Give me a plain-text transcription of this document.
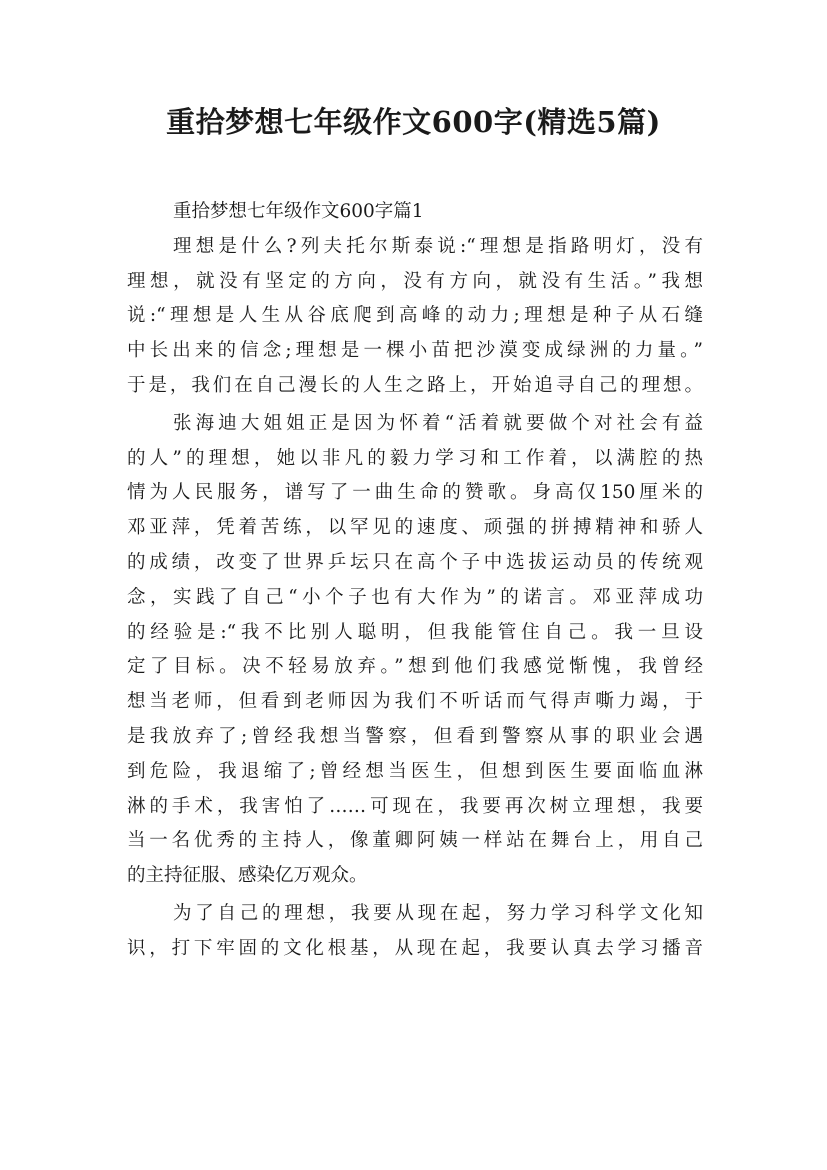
重拾梦想七年级作文600字(精选5篇)
重拾梦想七年级作文600字篇1
理想是什么?列夫托尔斯泰说:“理想是指路明灯，没有
理想，就没有坚定的方向，没有方向，就没有生活。”我想
说:“理想是人生从谷底爬到高峰的动力;理想是种子从石缝
中长出来的信念;理想是一棵小苗把沙漠变成绿洲的力量。”
于是，我们在自己漫长的人生之路上，开始追寻自己的理想。
张海迪大姐姐正是因为怀着“活着就要做个对社会有益
的人”的理想，她以非凡的毅力学习和工作着，以满腔的热
情为人民服务，谱写了一曲生命的赞歌。身高仅150厘米的
邓亚萍，凭着苦练，以罕见的速度、顽强的拼搏精神和骄人
的成绩，改变了世界乒坛只在高个子中选拔运动员的传统观
念，实践了自己“小个子也有大作为”的诺言。邓亚萍成功
的经验是:“我不比别人聪明，但我能管住自己。我一旦设
定了目标。决不轻易放弃。”想到他们我感觉惭愧，我曾经
想当老师，但看到老师因为我们不听话而气得声嘶力竭，于
是我放弃了;曾经我想当警察，但看到警察从事的职业会遇
到危险，我退缩了;曾经想当医生，但想到医生要面临血淋
淋的手术，我害怕了……可现在，我要再次树立理想，我要
当一名优秀的主持人，像董卿阿姨一样站在舞台上，用自己
的主持征服、感染亿万观众。
为了自己的理想，我要从现在起，努力学习科学文化知
识，打下牢固的文化根基，从现在起，我要认真去学习播音
